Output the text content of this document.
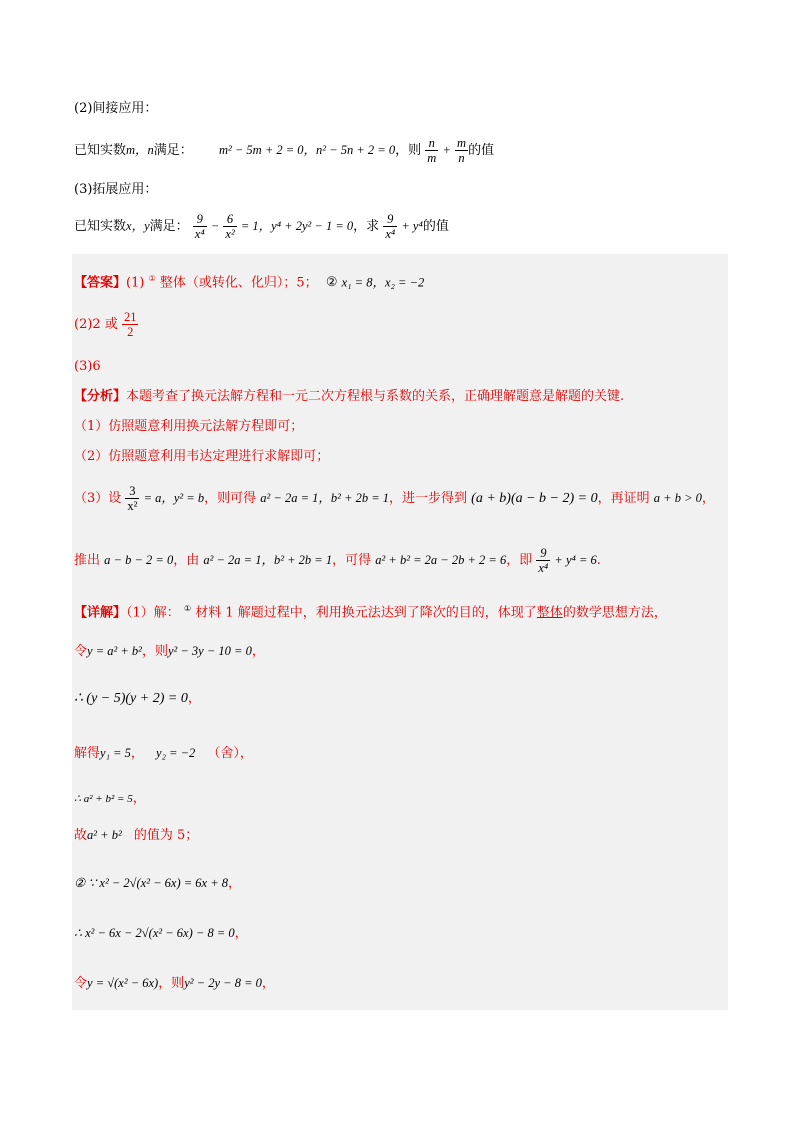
(2)间接应用：
已知实数m，n满足： m² − 5m + 2 = 0，n² − 5n + 2 = 0，则 $\frac{n}{m} + \frac{m}{n}$ 的值
(3)拓展应用：
已知实数x，y满足： $\frac{9}{\text{x⁴}} - \frac{6}{\text{x²}} = 1$，y⁴ + 2y² − 1 = 0，求 $\frac{9}{\text{x⁴}} + y^4$的值
【答案】(1) ① 整体（或转化、化归）；5； ② x₁ = 8，x₂ = −2
(2)2 或 $\frac{21}{2}$
(3)6
【分析】本题考查了换元法解方程和一元二次方程根与系数的关系，正确理解题意是解题的关键.
（1）仿照题意利用换元法解方程即可；
（2）仿照题意利用韦达定理进行求解即可；
（3）设 $\frac{3}{\text{x²}} = a$，y² = b，则可得 a² − 2a = 1，b² + 2b = 1，进一步得到 (a + b)(a − b − 2) = 0，再证明 a + b > 0，
推出 a − b − 2 = 0，由 a² − 2a = 1，b² + 2b = 1，可得 a² + b² = 2a − 2b + 2 = 6，即 $\frac{9}{\text{x⁴}} + y^4 = 6$.
【详解】（1）解： ① 材料 1 解题过程中，利用换元法达到了降次的目的，体现了整体的数学思想方法，
令y = a² + b²，则y² − 3y − 10 = 0，
∴ (y − 5)(y + 2) = 0，
解得y₁ = 5， y₂ = −2 （舍），
∴ a² + b² = 5，
故a² + b² 的值为 5；
② ∵ x² − 2√(x² − 6x) = 6x + 8，
∴ x² − 6x − 2√(x² − 6x) − 8 = 0，
令y = √(x² − 6x)，则y² − 2y − 8 = 0，
